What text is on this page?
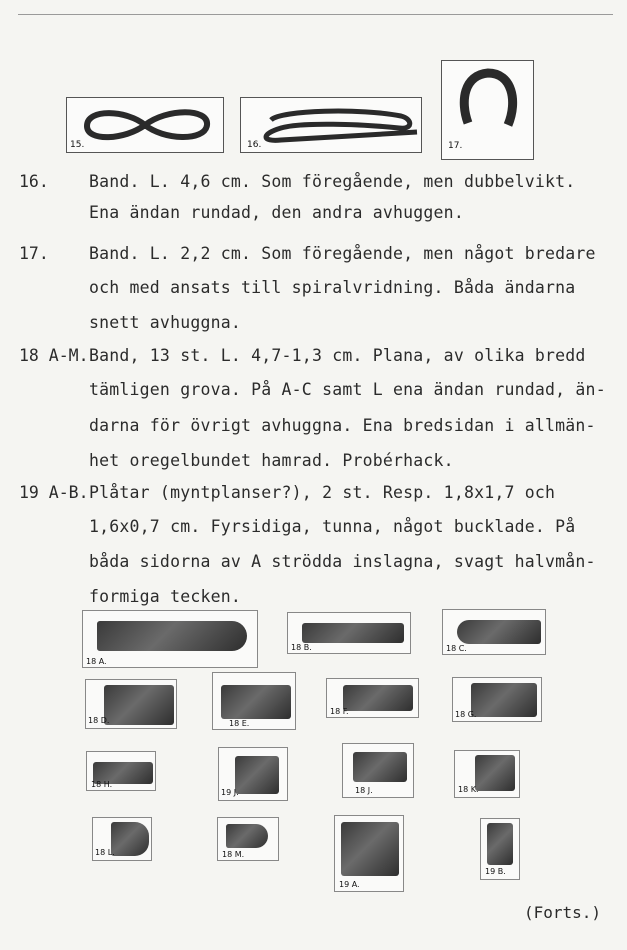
15.	16.	17.
16. Band. L. 4,6 cm. Som föregående, men dubbelvikt.
Ena ändan rundad, den andra avhuggen.
17. Band. L. 2,2 cm. Som föregående, men något bredare
och med ansats till spiralvridning. Båda ändarna
snett avhuggna.
18 A-M. Band, 13 st. L. 4,7-1,3 cm. Plana, av olika bredd
tämligen grova. På A-C samt L ena ändan rundad, än-
darna för övrigt avhuggna. Ena bredsidan i allmän-
het oregelbundet hamrad. Probérhack.
19 A-B. Plåtar (myntplanser?), 2 st. Resp. 1,8x1,7 och
1,6x0,7 cm. Fyrsidiga, tunna, något bucklade. På
båda sidorna av A strödda inslagna, svagt halvmån-
formiga tecken.
18 A.
18 B.	18 C.
18 D.	18 E.
18 F.	18 G.
18 H.
19 J.	18 J.	18 K.
18 L.	18 M.
19 A.
19 B.
(Forts.)
